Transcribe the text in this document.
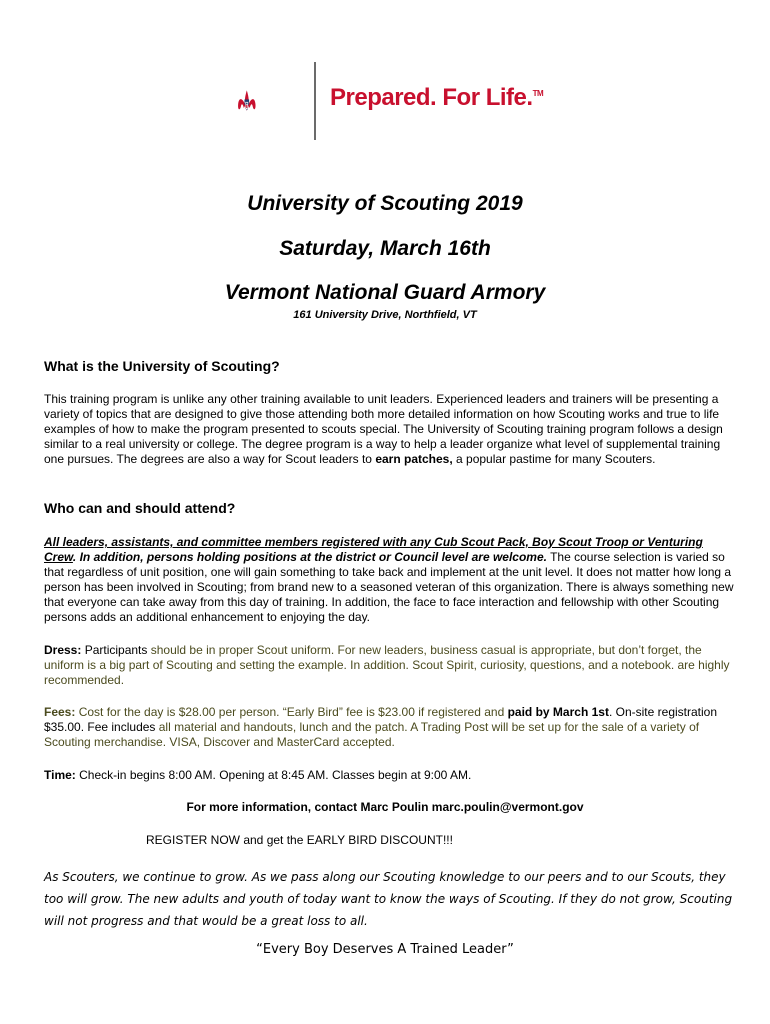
Prepared. For Life.™
University of Scouting 2019
Saturday, March 16th
Vermont National Guard Armory
161 University Drive, Northfield, VT
What is the University of Scouting?
This training program is unlike any other training available to unit leaders. Experienced leaders and trainers will be presenting a variety of topics that are designed to give those attending both more detailed information on how Scouting works and true to life examples of how to make the program presented to scouts special. The University of Scouting training program follows a design similar to a real university or college. The degree program is a way to help a leader organize what level of supplemental training one pursues. The degrees are also a way for Scout leaders to earn patches, a popular pastime for many Scouters.
Who can and should attend?
All leaders, assistants, and committee members registered with any Cub Scout Pack, Boy Scout Troop or Venturing Crew. In addition, persons holding positions at the district or Council level are welcome. The course selection is varied so that regardless of unit position, one will gain something to take back and implement at the unit level. It does not matter how long a person has been involved in Scouting; from brand new to a seasoned veteran of this organization. There is always something new that everyone can take away from this day of training. In addition, the face to face interaction and fellowship with other Scouting persons adds an additional enhancement to enjoying the day.
Dress: Participants should be in proper Scout uniform. For new leaders, business casual is appropriate, but don’t forget, the uniform is a big part of Scouting and setting the example. In addition. Scout Spirit, curiosity, questions, and a notebook. are highly recommended.
Fees: Cost for the day is $28.00 per person. “Early Bird” fee is $23.00 if registered and paid by March 1st. On-site registration $35.00. Fee includes all material and handouts, lunch and the patch. A Trading Post will be set up for the sale of a variety of Scouting merchandise. VISA, Discover and MasterCard accepted.
Time: Check-in begins 8:00 AM. Opening at 8:45 AM. Classes begin at 9:00 AM.
For more information, contact Marc Poulin marc.poulin@vermont.gov
REGISTER NOW and get the EARLY BIRD DISCOUNT!!!
As Scouters, we continue to grow. As we pass along our Scouting knowledge to our peers and to our Scouts, they too will grow. The new adults and youth of today want to know the ways of Scouting. If they do not grow, Scouting will not progress and that would be a great loss to all.
“Every Boy Deserves A Trained Leader”
